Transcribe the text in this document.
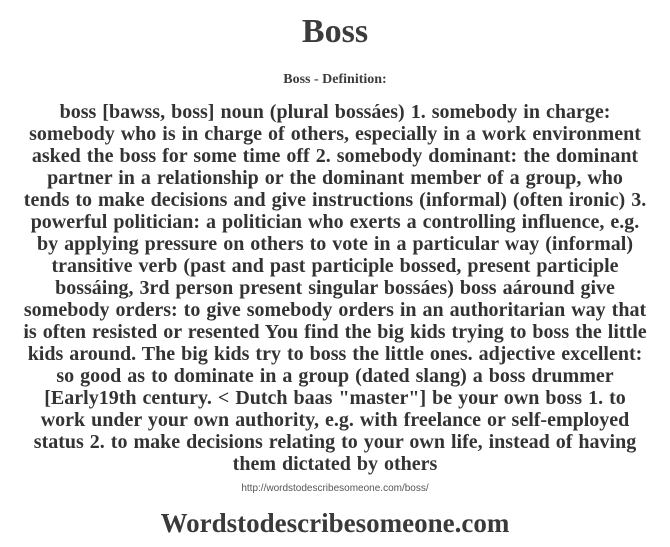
Boss
Boss - Definition:
boss [bawss, boss] noun (plural bossáes) 1. somebody in charge: somebody who is in charge of others, especially in a work environment asked the boss for some time off 2. somebody dominant: the dominant partner in a relationship or the dominant member of a group, who tends to make decisions and give instructions (informal) (often ironic) 3. powerful politician: a politician who exerts a controlling influence, e.g. by applying pressure on others to vote in a particular way (informal) transitive verb (past and past participle bossed, present participle bossáing, 3rd person present singular bossáes) boss aáround give somebody orders: to give somebody orders in an authoritarian way that is often resisted or resented You find the big kids trying to boss the little kids around. The big kids try to boss the little ones. adjective excellent: so good as to dominate in a group (dated slang) a boss drummer [Early19th century. < Dutch baas "master"] be your own boss 1. to work under your own authority, e.g. with freelance or self-employed status 2. to make decisions relating to your own life, instead of having them dictated by others
http://wordstodescribesomeone.com/boss/
Wordstodescribesomeone.com
